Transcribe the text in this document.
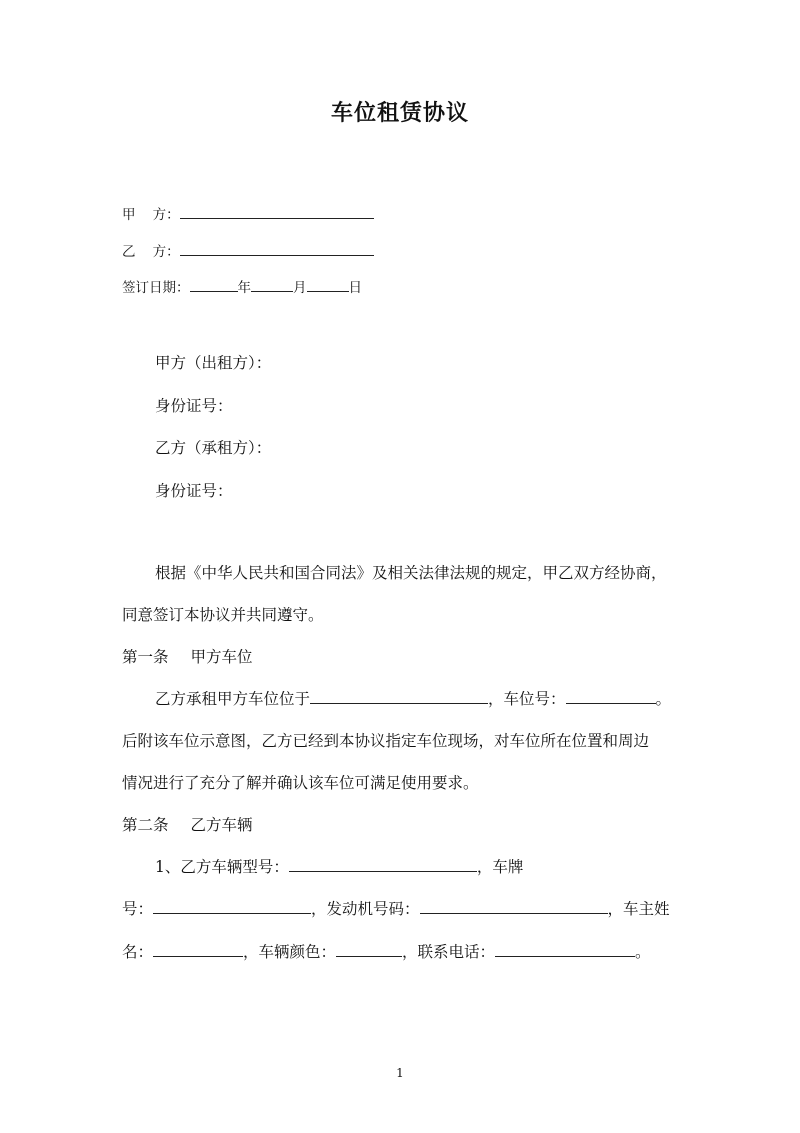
车位租赁协议
甲    方：
乙    方：
签订日期：	年	月	日
甲方（出租方）：
身份证号：
乙方（承租方）：
身份证号：
根据《中华人民共和国合同法》及相关法律法规的规定，甲乙双方经协商，
同意签订本协议并共同遵守。
第一条 甲方车位
乙方承租甲方车位位于	，车位号：	。
后附该车位示意图，乙方已经到本协议指定车位现场，对车位所在位置和周边
情况进行了充分了解并确认该车位可满足使用要求。
第二条 乙方车辆
1、乙方车辆型号：	，车牌
号：	，发动机号码：	，车主姓
名：	，车辆颜色：	，联系电话：	。
1
